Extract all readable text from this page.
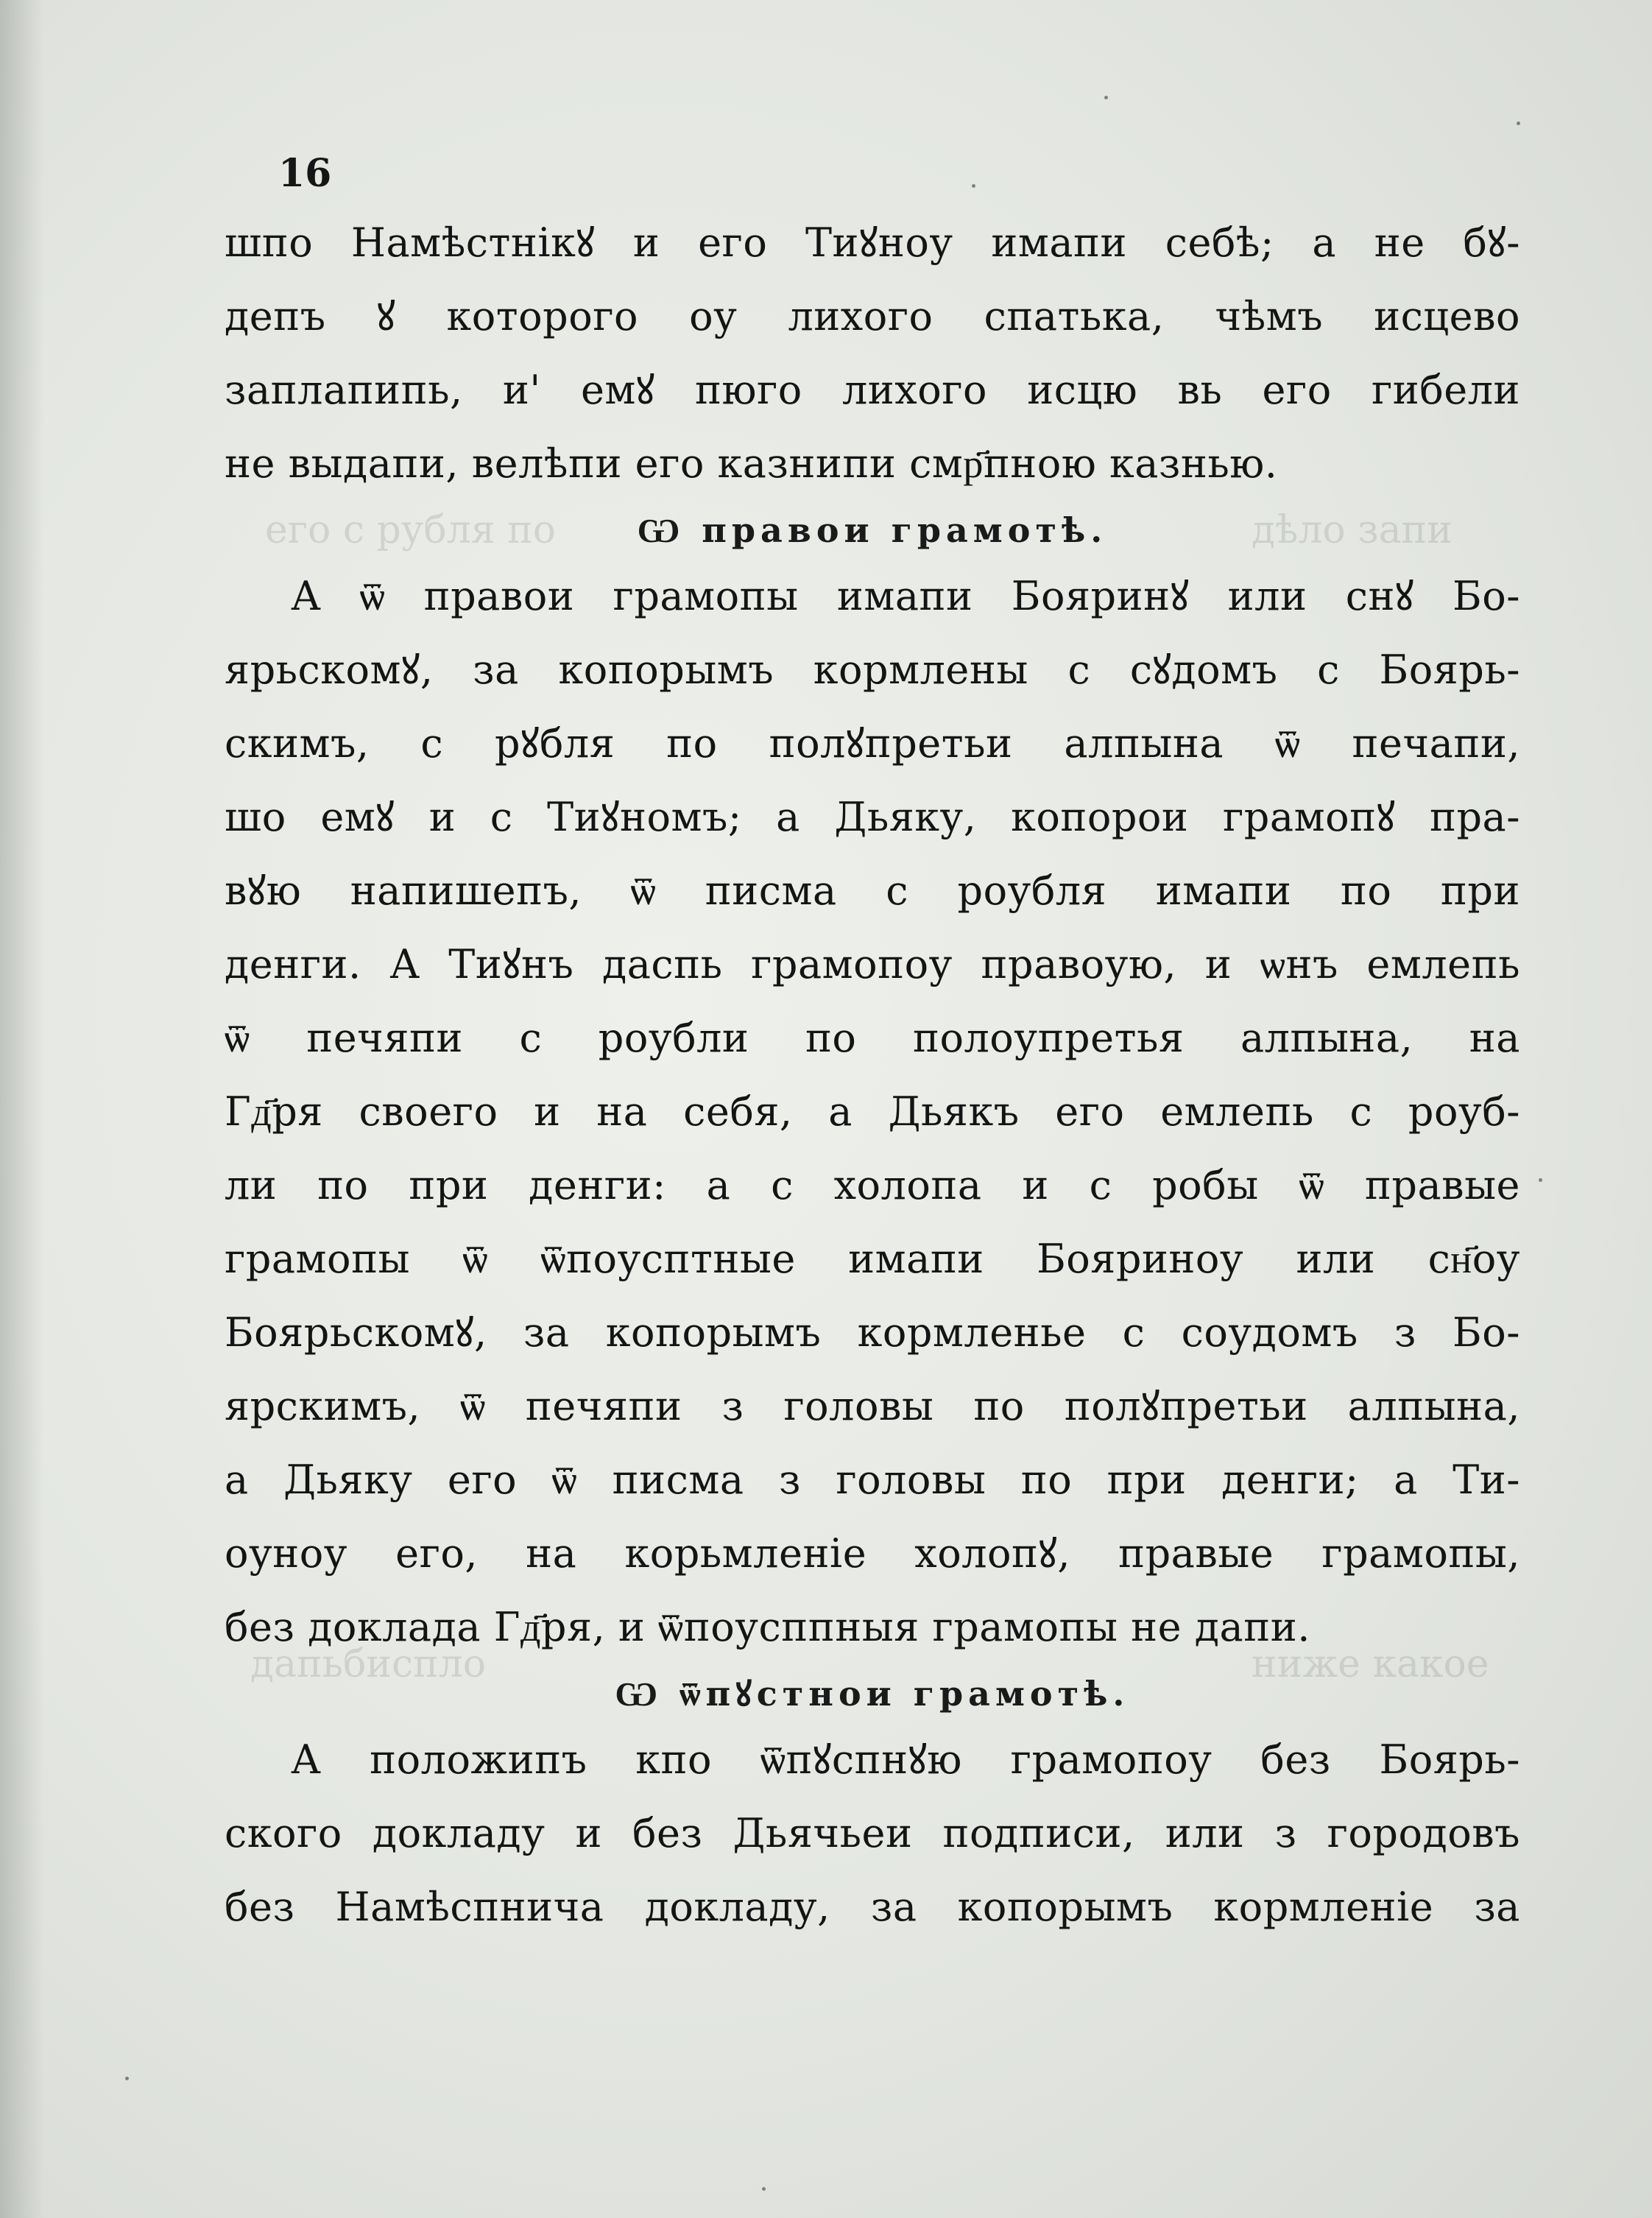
его с рубля по	дѣло запи
дапьбиспло	ниже какое
16
шпо Намѣстнікꙋ и его Тиꙋноу имапи себѣ; а не бꙋ-
депъ ꙋ которого оу лихого спатька, чѣмъ исцево
заплапипь, и' емꙋ пюго лихого исцю вь его гибели
не выдапи, велѣпи его казнипи смр҃пною казнью.
Ѡ правои грамотѣ.
А ѿ правои грамопы имапи Бояринꙋ или снꙋ Бо-
ярьскомꙋ, за копорымъ кормлены с сꙋдомъ с Боярь-
скимъ, с рꙋбля по полꙋпретьи алпына ѿ печапи,
шо емꙋ и с Тиꙋномъ; а Дьяку, копорои грамопꙋ пра-
вꙋю напишепъ, ѿ писма с роубля имапи по при
денги. А Тиꙋнъ даспь грамопоу правоую, и ѡнъ емлепь
ѿ печяпи с роубли по полоупретья алпына, на
Гд҃ря своего и на себя, а Дьякъ его емлепь с роуб-
ли по при денги: а с холопа и с робы ѿ правые
грамопы ѿ ѿпоусптные имапи Бояриноу или сн҃оу
Боярьскомꙋ, за копорымъ кормленье с соудомъ з Бо-
ярскимъ, ѿ печяпи з головы по полꙋпретьи алпына,
а Дьяку его ѿ писма з головы по при денги; а Ти-
оуноу его, на корьмленіе холопꙋ, правые грамопы,
без доклада Гд҃ря, и ѿпоусппныя грамопы не дапи.
Ѡ ѿпꙋстнои грамотѣ.
А положипъ кпо ѿпꙋспнꙋю грамопоу без Боярь-
ского докладу и без Дьячьеи подписи, или з городовъ
без Намѣспнича докладу, за копорымъ кормленіе за
